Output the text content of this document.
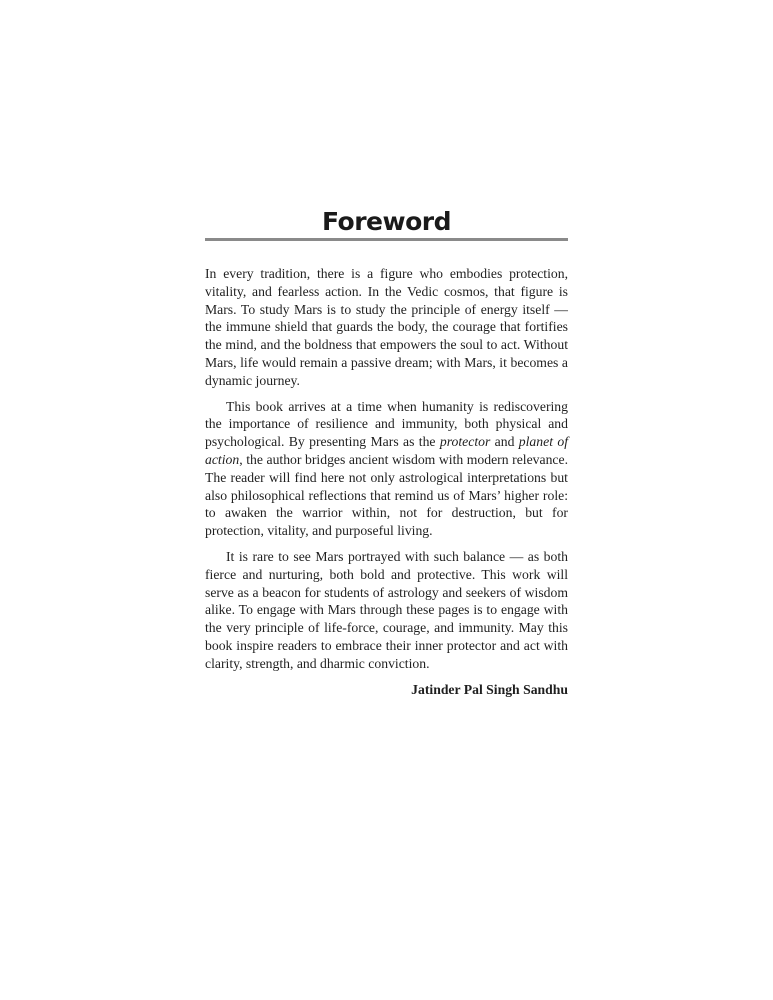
Foreword

In every tradition, there is a figure who embodies protection, vitality, and fearless action. In the Vedic cosmos, that figure is Mars. To study Mars is to study the principle of energy itself — the immune shield that guards the body, the courage that fortifies the mind, and the boldness that empowers the soul to act. Without Mars, life would remain a passive dream; with Mars, it becomes a dynamic journey.

This book arrives at a time when humanity is rediscovering the importance of resilience and immunity, both physical and psychological. By presenting Mars as the protector and planet of action, the author bridges ancient wisdom with modern relevance. The reader will find here not only astrological interpretations but also philosophical reflections that remind us of Mars’ higher role: to awaken the warrior within, not for destruction, but for protection, vitality, and purposeful living.

It is rare to see Mars portrayed with such balance — as both fierce and nurturing, both bold and protective. This work will serve as a beacon for students of astrology and seekers of wisdom alike. To engage with Mars through these pages is to engage with the very principle of life-force, courage, and immunity. May this book inspire readers to embrace their inner protector and act with clarity, strength, and dharmic conviction.

Jatinder Pal Singh Sandhu
